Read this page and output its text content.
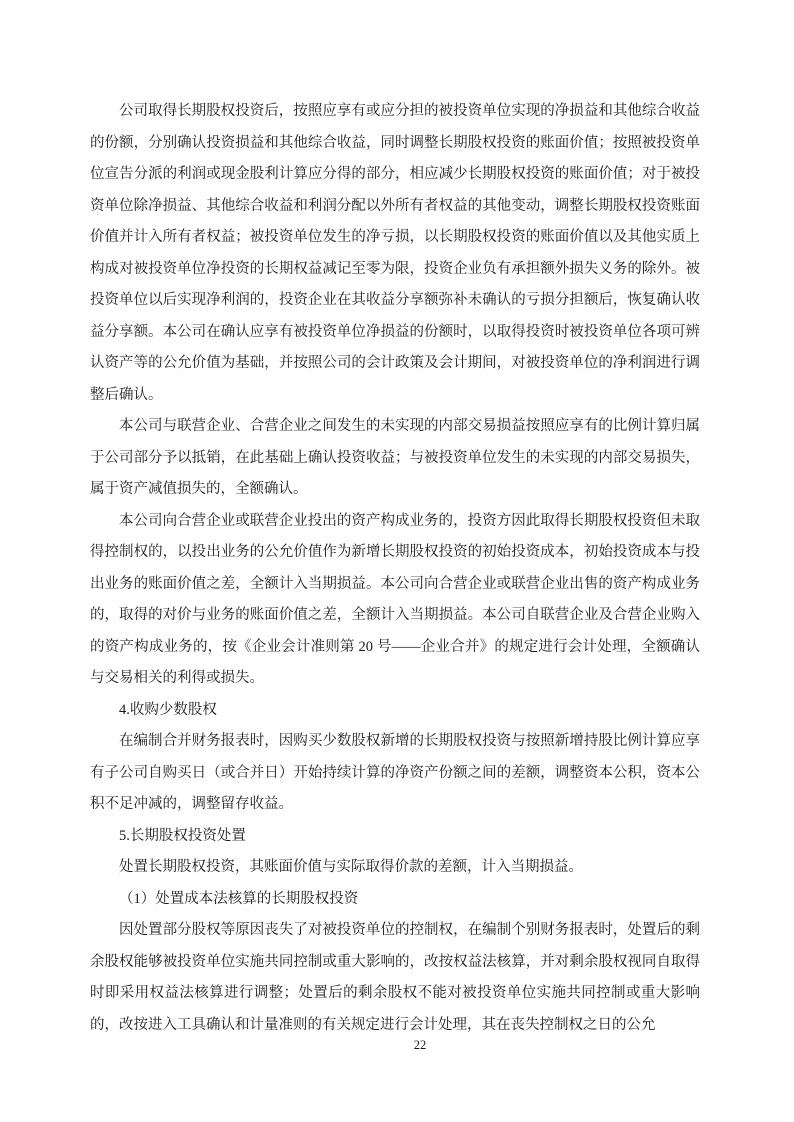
公司取得长期股权投资后，按照应享有或应分担的被投资单位实现的净损益和其他综合收益的份额，分别确认投资损益和其他综合收益，同时调整长期股权投资的账面价值；按照被投资单位宣告分派的利润或现金股利计算应分得的部分，相应减少长期股权投资的账面价值；对于被投资单位除净损益、其他综合收益和利润分配以外所有者权益的其他变动，调整长期股权投资账面价值并计入所有者权益；被投资单位发生的净亏损，以长期股权投资的账面价值以及其他实质上构成对被投资单位净投资的长期权益减记至零为限，投资企业负有承担额外损失义务的除外。被投资单位以后实现净利润的，投资企业在其收益分享额弥补未确认的亏损分担额后，恢复确认收益分享额。本公司在确认应享有被投资单位净损益的份额时，以取得投资时被投资单位各项可辨认资产等的公允价值为基础，并按照公司的会计政策及会计期间，对被投资单位的净利润进行调整后确认。

本公司与联营企业、合营企业之间发生的未实现的内部交易损益按照应享有的比例计算归属于公司部分予以抵销，在此基础上确认投资收益；与被投资单位发生的未实现的内部交易损失，属于资产减值损失的，全额确认。

本公司向合营企业或联营企业投出的资产构成业务的，投资方因此取得长期股权投资但未取得控制权的，以投出业务的公允价值作为新增长期股权投资的初始投资成本，初始投资成本与投出业务的账面价值之差，全额计入当期损益。本公司向合营企业或联营企业出售的资产构成业务的，取得的对价与业务的账面价值之差，全额计入当期损益。本公司自联营企业及合营企业购入的资产构成业务的，按《企业会计准则第 20 号——企业合并》的规定进行会计处理，全额确认与交易相关的利得或损失。

4.收购少数股权

在编制合并财务报表时，因购买少数股权新增的长期股权投资与按照新增持股比例计算应享有子公司自购买日（或合并日）开始持续计算的净资产份额之间的差额，调整资本公积，资本公积不足冲减的，调整留存收益。

5.长期股权投资处置

处置长期股权投资，其账面价值与实际取得价款的差额，计入当期损益。

（1）处置成本法核算的长期股权投资

因处置部分股权等原因丧失了对被投资单位的控制权，在编制个别财务报表时，处置后的剩余股权能够被投资单位实施共同控制或重大影响的，改按权益法核算，并对剩余股权视同自取得时即采用权益法核算进行调整；处置后的剩余股权不能对被投资单位实施共同控制或重大影响的，改按进入工具确认和计量准则的有关规定进行会计处理，其在丧失控制权之日的公允

22
